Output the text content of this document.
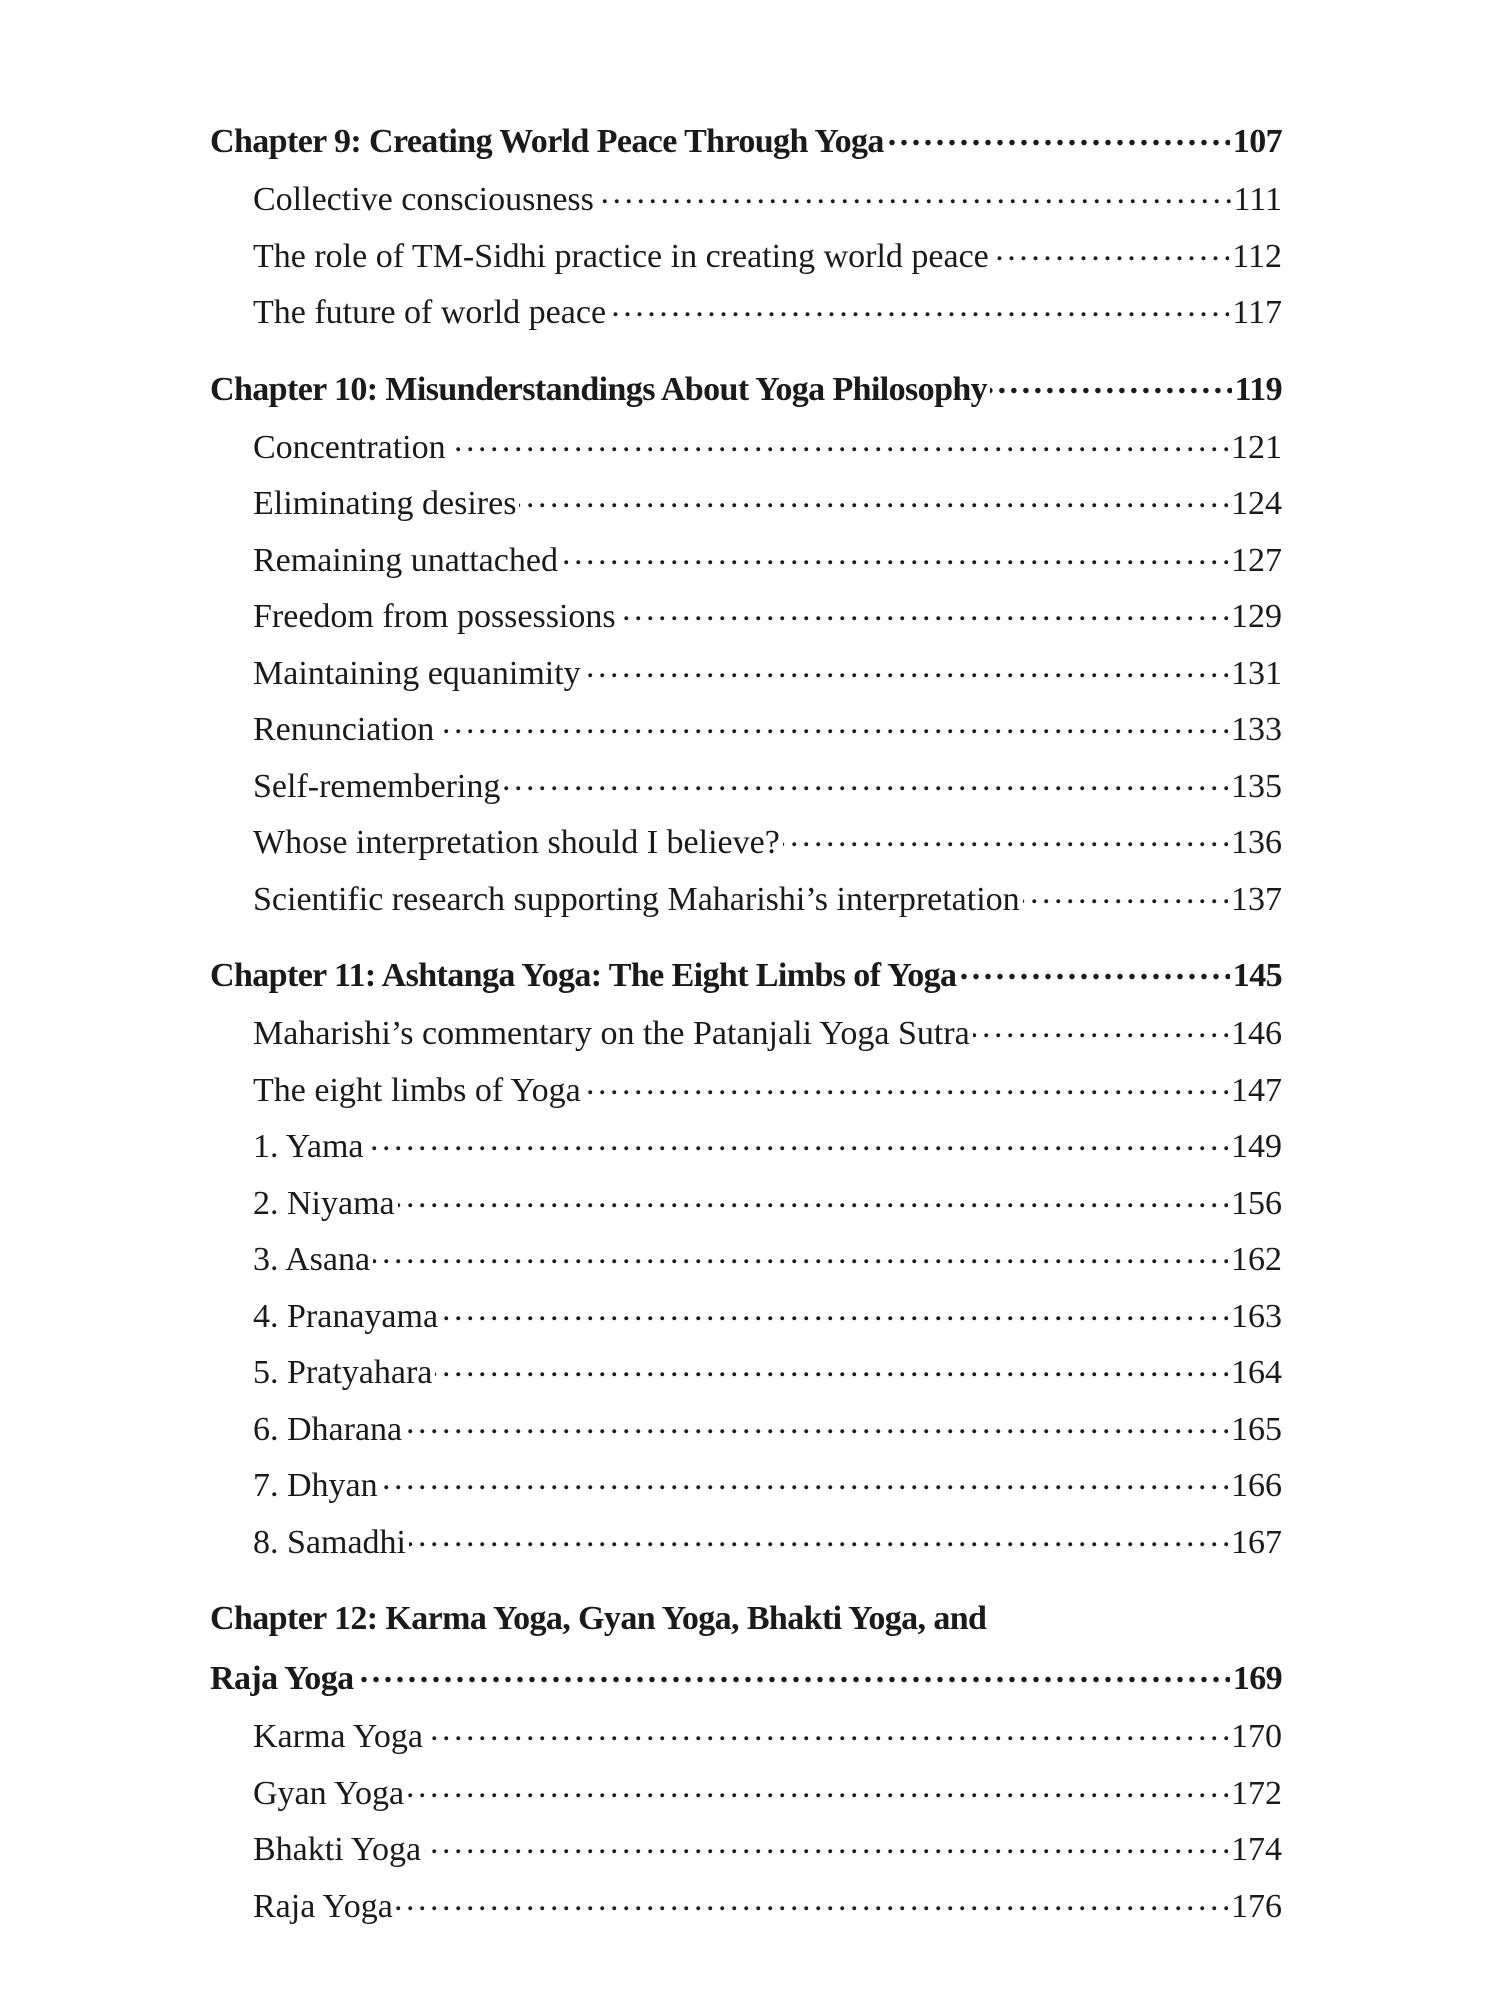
Chapter 9: Creating World Peace Through Yoga . . .	107
Collective consciousness . . .	111
The role of TM-Sidhi practice in creating world peace . . .	112
The future of world peace . . .	117
Chapter 10: Misunderstandings About Yoga Philosophy . . .	119
Concentration . . .	121
Eliminating desires . . .	124
Remaining unattached . . .	127
Freedom from possessions . . .	129
Maintaining equanimity . . .	131
Renunciation . . .	133
Self-remembering . . .	135
Whose interpretation should I believe? . . .	136
Scientific research supporting Maharishi’s interpretation . . .	137
Chapter 11: Ashtanga Yoga: The Eight Limbs of Yoga . . .	145
Maharishi’s commentary on the Patanjali Yoga Sutra . . .	146
The eight limbs of Yoga . . .	147
1. Yama . . .	149
2. Niyama . . .	156
3. Asana . . .	162
4. Pranayama . . .	163
5. Pratyahara . . .	164
6. Dharana . . .	165
7. Dhyan . . .	166
8. Samadhi . . .	167
Chapter 12: Karma Yoga, Gyan Yoga, Bhakti Yoga, and
Raja Yoga . . .	169
Karma Yoga . . .	170
Gyan Yoga . . .	172
Bhakti Yoga . . .	174
Raja Yoga . . .	176
